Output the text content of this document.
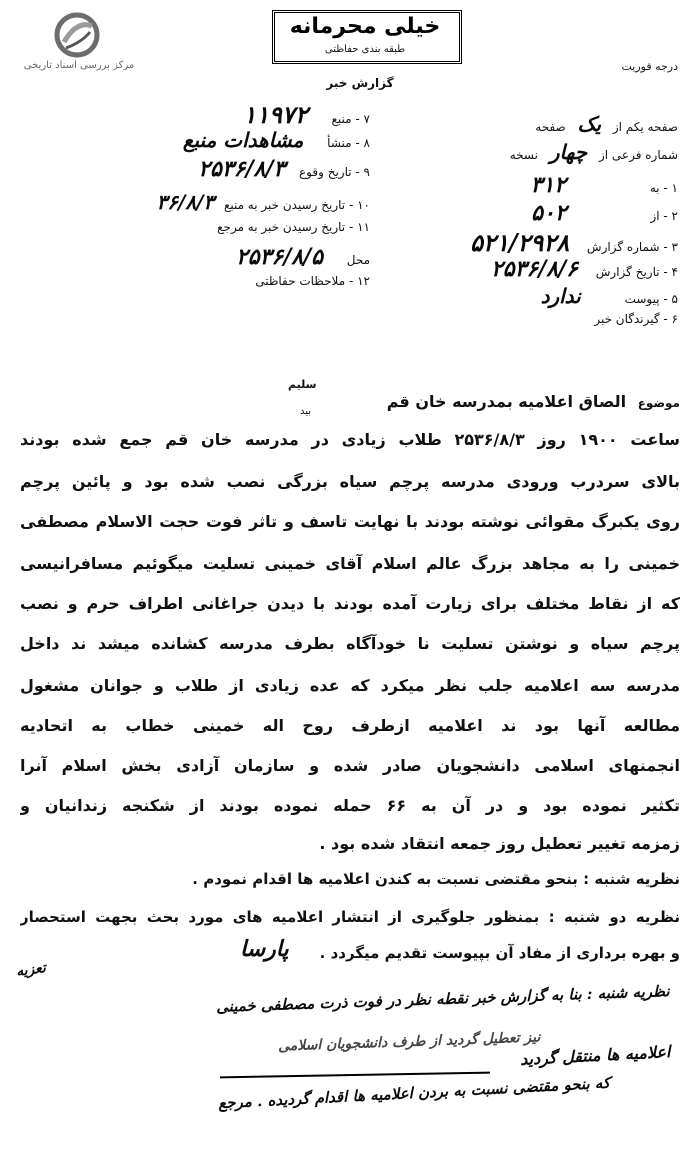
مرکز بررسی اسناد تاریخی
خیلی محرمانه
طبقه بندی حفاظتی
گزارش خبر
درجه فوریت
صفحه یکم از یک صفحه
شماره فرعی از چهار نسخه
۱ - به ۳۱۲
۲ - از ۵۰۲
۳ - شماره گزارش ۵۲۱/۲۹۲۸
۴ - تاریخ گزارش ۲۵۳۶/۸/۶
۵ - پیوست ندارد
۶ - گیرندگان خبر
۷ - منبع ۱۱۹۷۲
۸ - منشأ مشاهدات منبع
۹ - تاریخ وقوع ۲۵۳۶/۸/۳
۱۰ - تاریخ رسیدن خبر به منبع ۳۶/۸/۳
۱۱ - تاریخ رسیدن خبر به مرجع
محل ۲۵۳۶/۸/۵
۱۲ - ملاحظات حفاظتی
سلیم
بید
موضوع الصاق اعلامیه بمدرسه خان قم
ساعت ۱۹۰۰ روز ۲۵۳۶/۸/۳ طلاب زیادی در مدرسه خان قم جمع شده بودند
بالای سردرب ورودی مدرسه پرچم سیاه بزرگی نصب شده بود و پائین پرچم
روی یکبرگ مقوائی نوشته بودند با نهایت تاسف و تاثر فوت حجت الاسلام مصطفی
خمینی را به مجاهد بزرگ عالم اسلام آقای خمینی تسلیت میگوئیم مسافرانیسی
که از نقاط مختلف برای زیارت آمده بودند با دیدن جراغانی اطراف حرم و نصب
پرچم سیاه و نوشتن تسلیت نا خودآگاه بطرف مدرسه کشانده میشد ند داخل
مدرسه سه اعلامیه جلب نظر میکرد که عده زیادی از طلاب و جوانان مشغول
مطالعه آنها بود ند اعلامیه ازطرف روح اله خمینی خطاب به اتحادیه
انجمنهای اسلامی دانشجویان صادر شده و سازمان آزادی بخش اسلام آنرا
تکثیر نموده بود و در آن به ۶۶ حمله نموده بودند از شکنجه زندانیان و
زمزمه تغییر تعطیل روز جمعه انتقاد شده بود .
نظریه شنبه : بنحو مقتضی نسبت به کندن اعلامیه ها اقدام نمودم .
نظریه دو شنبه : بمنظور جلوگیری از انتشار اعلامیه های مورد بحث بجهت استحصار
و بهره برداری از مفاد آن بپیوست تقدیم میگردد .
پارسا
نظریه شنبه : بنا به گزارش خبر نقطه نظر در فوت ذرت مصطفی خمینی
تعزیه
نیز تعطیل گردید از طرف دانشجویان اسلامی
اعلامیه ها منتقل گردید
که بنحو مقتضی نسبت به بردن اعلامیه ها اقدام گردیده . مرجع
